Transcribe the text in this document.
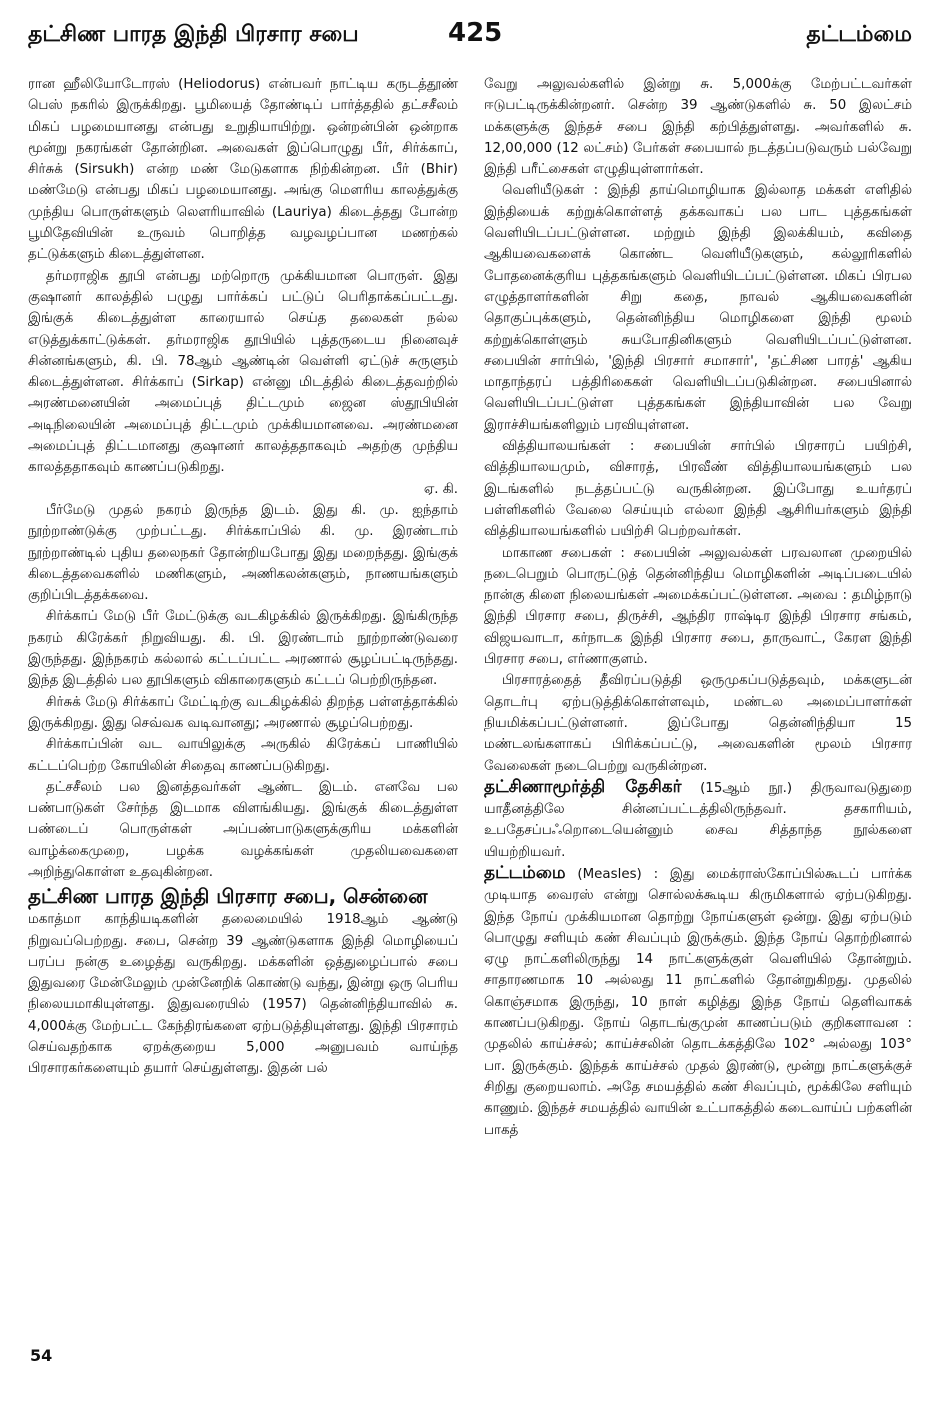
தட்சிண பாரத இந்தி பிரசார சபை	425	தட்டம்மை

ரான ஹீலியோடோரஸ் (Heliodorus) என்பவர் நாட்டிய கருடத்தூண் பெஸ் நகரில் இருக்கிறது. பூமியைத் தோண்டிப் பார்த்ததில் தட்சசீலம் மிகப் பழமையானது என்பது உறுதியாயிற்று. ஒன்றன்பின் ஒன்றாக மூன்று நகரங்கள் தோன்றின. அவைகள் இப்பொழுது பீர், சிர்க்காப், சிர்சுக் (Sirsukh) என்ற மண் மேடுகளாக நிற்கின்றன. பீர் (Bhir) மண்மேடு என்பது மிகப் பழமையானது. அங்கு மௌரிய காலத்துக்கு முந்திய பொருள்களும் லௌரியாவில் (Lauriya) கிடைத்தது போன்ற பூமிதேவியின் உருவம் பொறித்த வழவழப்பான மணற்கல் தட்டுக்களும் கிடைத்துள்ளன.

தர்மராஜிக தூபி என்பது மற்றொரு முக்கியமான பொருள். இது குஷானர் காலத்தில் பழுது பார்க்கப் பட்டுப் பெரிதாக்கப்பட்டது. இங்குக் கிடைத்துள்ள காரையால் செய்த தலைகள் நல்ல எடுத்துக்காட்டுக்கள். தர்மராஜிக தூபியில் புத்தருடைய நினைவுச் சின்னங்களும், கி. பி. 78ஆம் ஆண்டின் வெள்ளி ஏட்டுச் சுருளும் கிடைத்துள்ளன. சிர்க்காப் (Sirkap) என்னு மிடத்தில் கிடைத்தவற்றில் அரண்மனையின் அமைப்புத் திட்டமும் ஜைன ஸ்தூபியின் அடிநிலையின் அமைப்புத் திட்டமும் முக்கியமானவை. அரண்மனை அமைப்புத் திட்டமானது குஷானர் காலத்ததாகவும் அதற்கு முந்திய காலத்ததாகவும் காணப்படுகிறது.

ஏ. கி.

பீர்மேடு முதல் நகரம் இருந்த இடம். இது கி. மு. ஐந்தாம் நூற்றாண்டுக்கு முற்பட்டது. சிர்க்காப்பில் கி. மு. இரண்டாம் நூற்றாண்டில் புதிய தலைநகர் தோன்றியபோது இது மறைந்தது. இங்குக் கிடைத்தவைகளில் மணிகளும், அணிகலன்களும், நாணயங்களும் குறிப்பிடத்தக்கவை.

சிர்க்காப் மேடு பீர் மேட்டுக்கு வடகிழக்கில் இருக்கிறது. இங்கிருந்த நகரம் கிரேக்கர் நிறுவியது. கி. பி. இரண்டாம் நூற்றாண்டுவரை இருந்தது. இந்நகரம் கல்லால் கட்டப்பட்ட அரணால் சூழப்பட்டிருந்தது. இந்த இடத்தில் பல தூபிகளும் விகாரைகளும் கட்டப் பெற்றிருந்தன.

சிர்சுக் மேடு சிர்க்காப் மேட்டிற்கு வடகிழக்கில் திறந்த பள்ளத்தாக்கில் இருக்கிறது. இது செவ்வக வடிவானது; அரணால் சூழப்பெற்றது.

சிர்க்காப்பின் வட வாயிலுக்கு அருகில் கிரேக்கப் பாணியில் கட்டப்பெற்ற கோயிலின் சிதைவு காணப்படுகிறது.

தட்சசீலம் பல இனத்தவர்கள் ஆண்ட இடம். எனவே பல பண்பாடுகள் சேர்ந்த இடமாக விளங்கியது. இங்குக் கிடைத்துள்ள பண்டைப் பொருள்கள் அப்பண்பாடுகளுக்குரிய மக்களின் வாழ்க்கைமுறை, பழக்க வழக்கங்கள் முதலியவைகளை அறிந்துகொள்ள உதவுகின்றன.

தட்சிண பாரத இந்தி பிரசார சபை, சென்னை

மகாத்மா காந்தியடிகளின் தலைமையில் 1918ஆம் ஆண்டு நிறுவப்பெற்றது. சபை, சென்ற 39 ஆண்டுகளாக இந்தி மொழியைப் பரப்ப நன்கு உழைத்து வருகிறது. மக்களின் ஒத்துழைப்பால் சபை இதுவரை மேன்மேலும் முன்னேறிக் கொண்டு வந்து, இன்று ஒரு பெரிய நிலையமாகியுள்ளது. இதுவரையில் (1957) தென்னிந்தியாவில் சு. 4,000க்கு மேற்பட்ட கேந்திரங்களை ஏற்படுத்தியுள்ளது. இந்தி பிரசாரம் செய்வதற்காக ஏறக்குறைய 5,000 அனுபவம் வாய்ந்த பிரசாரகர்களையும் தயார் செய்துள்ளது. இதன் பல்

வேறு அலுவல்களில் இன்று சு. 5,000க்கு மேற்பட்டவர்கள் ஈடுபட்டிருக்கின்றனர். சென்ற 39 ஆண்டுகளில் சு. 50 இலட்சம் மக்களுக்கு இந்தச் சபை இந்தி கற்பித்துள்ளது. அவர்களில் சு. 12,00,000 (12 லட்சம்) பேர்கள் சபையால் நடத்தப்படுவரும் பல்வேறு இந்தி பரீட்சைகள் எழுதியுள்ளார்கள்.

வெளியீடுகள் : இந்தி தாய்மொழியாக இல்லாத மக்கள் எளிதில் இந்தியைக் கற்றுக்கொள்ளத் தக்கவாகப் பல பாட புத்தகங்கள் வெளியிடப்பட்டுள்ளன. மற்றும் இந்தி இலக்கியம், கவிதை ஆகியவைகளைக் கொண்ட வெளியீடுகளும், கல்லூரிகளில் போதனைக்குரிய புத்தகங்களும் வெளியிடப்பட்டுள்ளன. மிகப் பிரபல எழுத்தாளர்களின் சிறு கதை, நாவல் ஆகியவைகளின் தொகுப்புக்களும், தென்னிந்திய மொழிகளை இந்தி மூலம் கற்றுக்கொள்ளும் சுயபோதினிகளும் வெளியிடப்பட்டுள்ளன. சபையின் சார்பில், 'இந்தி பிரசார் சமாசார்', 'தட்சிண பாரத்' ஆகிய மாதாந்தரப் பத்திரிகைகள் வெளியிடப்படுகின்றன. சபையினால் வெளியிடப்பட்டுள்ள புத்தகங்கள் இந்தியாவின் பல வேறு இராச்சியங்களிலும் பரவியுள்ளன.

வித்தியாலயங்கள் : சபையின் சார்பில் பிரசாரப் பயிற்சி, வித்தியாலயமும், விசாரத், பிரவீண் வித்தியாலயங்களும் பல இடங்களில் நடத்தப்பட்டு வருகின்றன. இப்போது உயர்தரப் பள்ளிகளில் வேலை செய்யும் எல்லா இந்தி ஆசிரியர்களும் இந்தி வித்தியாலயங்களில் பயிற்சி பெற்றவர்கள்.

மாகாண சபைகள் : சபையின் அலுவல்கள் பரவலான முறையில் நடைபெறும் பொருட்டுத் தென்னிந்திய மொழிகளின் அடிப்படையில் நான்கு கிளை நிலையங்கள் அமைக்கப்பட்டுள்ளன. அவை : தமிழ்நாடு இந்தி பிரசார சபை, திருச்சி, ஆந்திர ராஷ்டிர இந்தி பிரசார சங்கம், விஜயவாடா, கர்நாடக இந்தி பிரசார சபை, தாருவாட், கேரள இந்தி பிரசார சபை, எர்ணாகுளம்.

பிரசாரத்தைத் தீவிரப்படுத்தி ஒருமுகப்படுத்தவும், மக்களுடன் தொடர்பு ஏற்படுத்திக்கொள்ளவும், மண்டல அமைப்பாளர்கள் நியமிக்கப்பட்டுள்ளனர். இப்போது தென்னிந்தியா 15 மண்டலங்களாகப் பிரிக்கப்பட்டு, அவைகளின் மூலம் பிரசார வேலைகள் நடைபெற்று வருகின்றன.

தட்சிணாமூர்த்தி தேசிகர் (15ஆம் நூ.) திருவாவடுதுறை யாதீனத்திலே சின்னப்பட்டத்திலிருந்தவர். தசகாரியம், உபதேசப்பஃறொடையென்னும் சைவ சித்தாந்த நூல்களை யியற்றியவர்.

தட்டம்மை (Measles) : இது மைக்ராஸ்கோப்பில்கூடப் பார்க்க முடியாத வைரஸ் என்று சொல்லக்கூடிய கிருமிகளால் ஏற்படுகிறது. இந்த நோய் முக்கியமான தொற்று நோய்களுள் ஒன்று. இது ஏற்படும் பொழுது சளியும் கண் சிவப்பும் இருக்கும். இந்த நோய் தொற்றினால் ஏழு நாட்களிலிருந்து 14 நாட்களுக்குள் வெளியில் தோன்றும். சாதாரணமாக 10 அல்லது 11 நாட்களில் தோன்றுகிறது. முதலில் கொஞ்சமாக இருந்து, 10 நாள் கழித்து இந்த நோய் தெளிவாகக் காணப்படுகிறது. நோய் தொடங்குமுன் காணப்படும் குறிகளாவன : முதலில் காய்ச்சல்; காய்ச்சலின் தொடக்கத்திலே 102° அல்லது 103° பா. இருக்கும். இந்தக் காய்ச்சல் முதல் இரண்டு, மூன்று நாட்களுக்குச் சிறிது குறையலாம். அதே சமயத்தில் கண் சிவப்பும், மூக்கிலே சளியும் காணும். இந்தச் சமயத்தில் வாயின் உட்பாகத்தில் கடைவாய்ப் பற்களின் பாகத்

54
